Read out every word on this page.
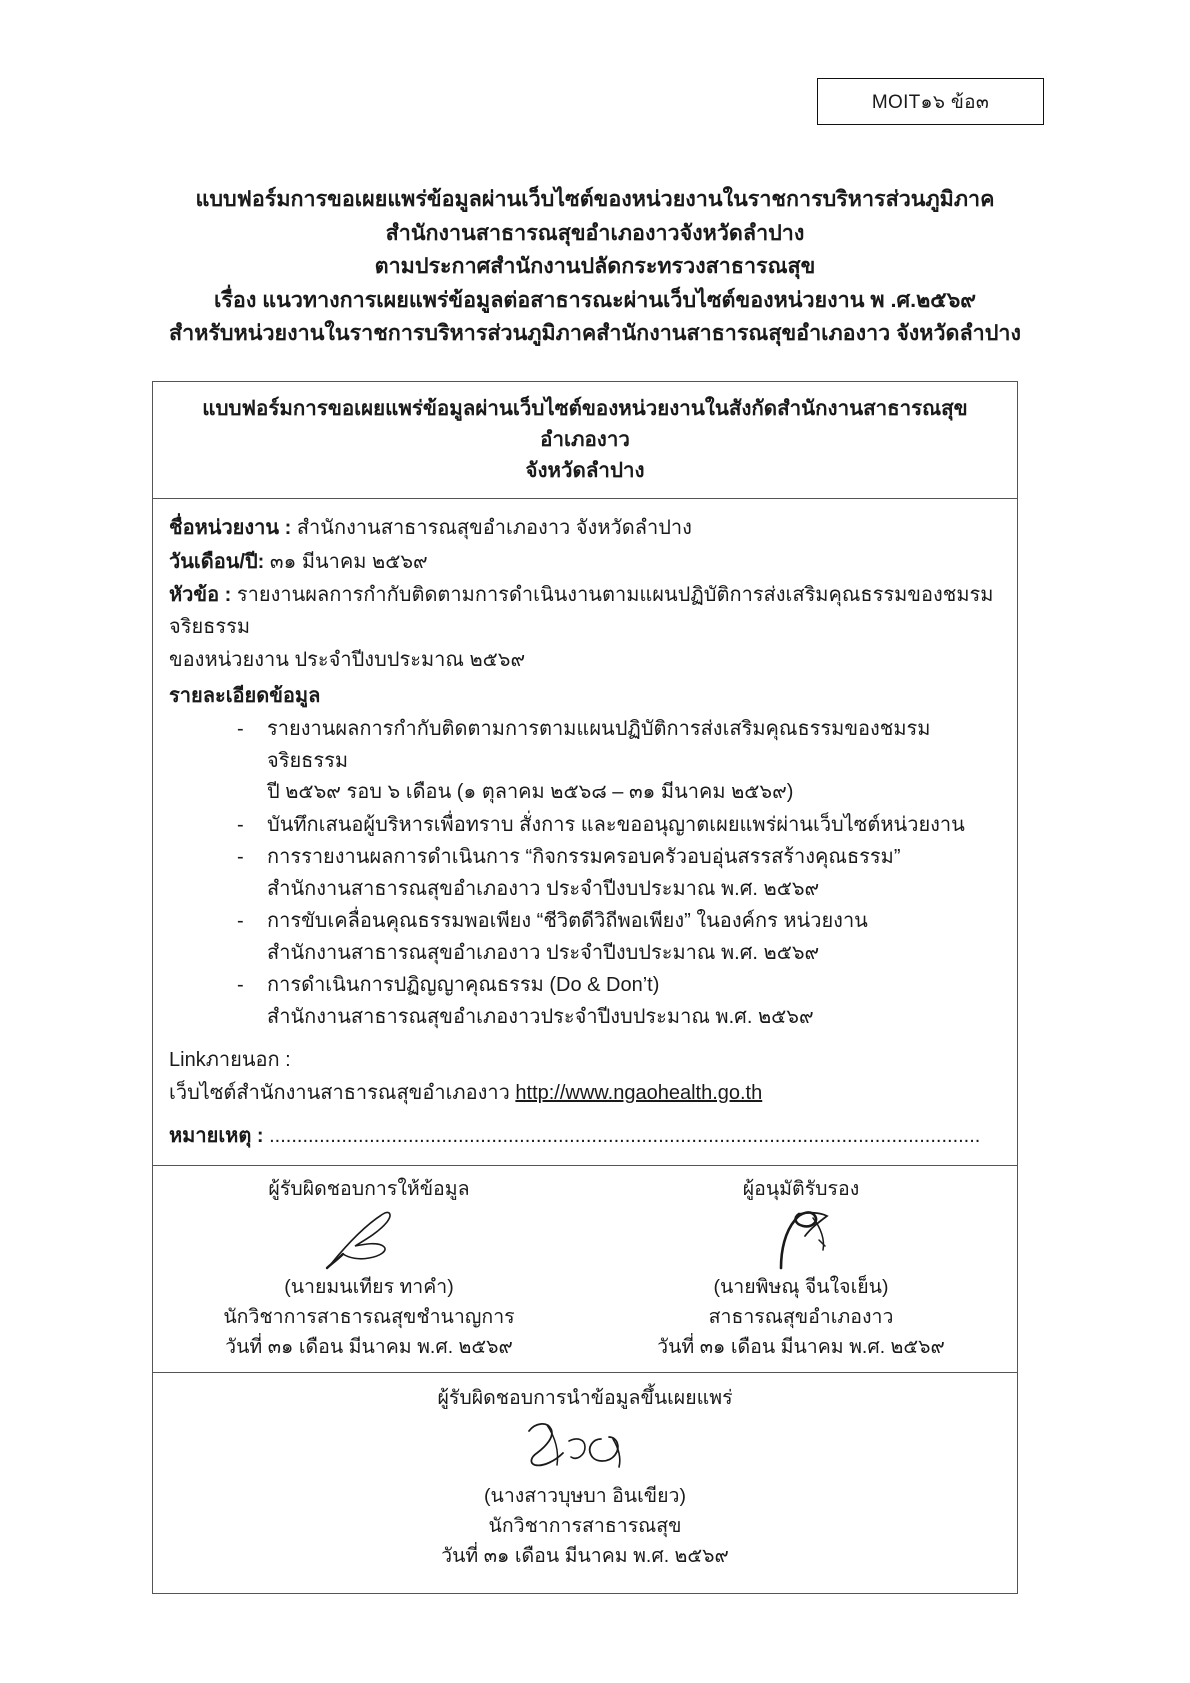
MOIT๑๖ ข้อ๓
แบบฟอร์มการขอเผยแพร่ข้อมูลผ่านเว็บไซต์ของหน่วยงานในราชการบริหารส่วนภูมิภาค
สำนักงานสาธารณสุขอำเภองาวจังหวัดลำปาง
ตามประกาศสำนักงานปลัดกระทรวงสาธารณสุข
เรื่อง แนวทางการเผยแพร่ข้อมูลต่อสาธารณะผ่านเว็บไซต์ของหน่วยงาน พ .ศ.๒๕๖๙
สำหรับหน่วยงานในราชการบริหารส่วนภูมิภาคสำนักงานสาธารณสุขอำเภองาว จังหวัดลำปาง
แบบฟอร์มการขอเผยแพร่ข้อมูลผ่านเว็บไซต์ของหน่วยงานในสังกัดสำนักงานสาธารณสุขอำเภองาว
จังหวัดลำปาง

ชื่อหน่วยงาน : สำนักงานสาธารณสุขอำเภองาว จังหวัดลำปาง

วันเดือน/ปี: ๓๑ มีนาคม ๒๕๖๙

หัวข้อ : รายงานผลการกำกับติดตามการดำเนินงานตามแผนปฏิบัติการส่งเสริมคุณธรรมของชมรมจริยธรรม

ของหน่วยงาน ประจำปีงบประมาณ ๒๕๖๙

รายละเอียดข้อมูล

- รายงานผลการกำกับติดตามการตามแผนปฏิบัติการส่งเสริมคุณธรรมของชมรมจริยธรรม
ปี ๒๕๖๙ รอบ ๖ เดือน (๑ ตุลาคม ๒๕๖๘ – ๓๑ มีนาคม ๒๕๖๙)
- บันทึกเสนอผู้บริหารเพื่อทราบ สั่งการ และขออนุญาตเผยแพร่ผ่านเว็บไซต์หน่วยงาน
- การรายงานผลการดำเนินการ “กิจกรรมครอบครัวอบอุ่นสรรสร้างคุณธรรม”
สำนักงานสาธารณสุขอำเภองาว ประจำปีงบประมาณ พ.ศ. ๒๕๖๙
- การขับเคลื่อนคุณธรรมพอเพียง “ชีวิตดีวิถีพอเพียง” ในองค์กร หน่วยงาน
สำนักงานสาธารณสุขอำเภองาว ประจำปีงบประมาณ พ.ศ. ๒๕๖๙
- การดำเนินการปฏิญญาคุณธรรม (Do & Don’t)
สำนักงานสาธารณสุขอำเภองาวประจำปีงบประมาณ พ.ศ. ๒๕๖๙

Linkภายนอก :

เว็บไซต์สำนักงานสาธารณสุขอำเภองาว http://www.ngaohealth.go.th

หมายเหตุ : ................................................................................................................................

ผู้รับผิดชอบการให้ข้อมูล
(นายมนเทียร ทาคำ)
นักวิชาการสาธารณสุขชำนาญการ
วันที่ ๓๑ เดือน มีนาคม พ.ศ. ๒๕๖๙
ผู้อนุมัติรับรอง
(นายพิษณุ จีนใจเย็น)
สาธารณสุขอำเภองาว
วันที่ ๓๑ เดือน มีนาคม พ.ศ. ๒๕๖๙
ผู้รับผิดชอบการนำข้อมูลขึ้นเผยแพร่
(นางสาวบุษบา อินเขียว)
นักวิชาการสาธารณสุข
วันที่ ๓๑ เดือน มีนาคม พ.ศ. ๒๕๖๙
